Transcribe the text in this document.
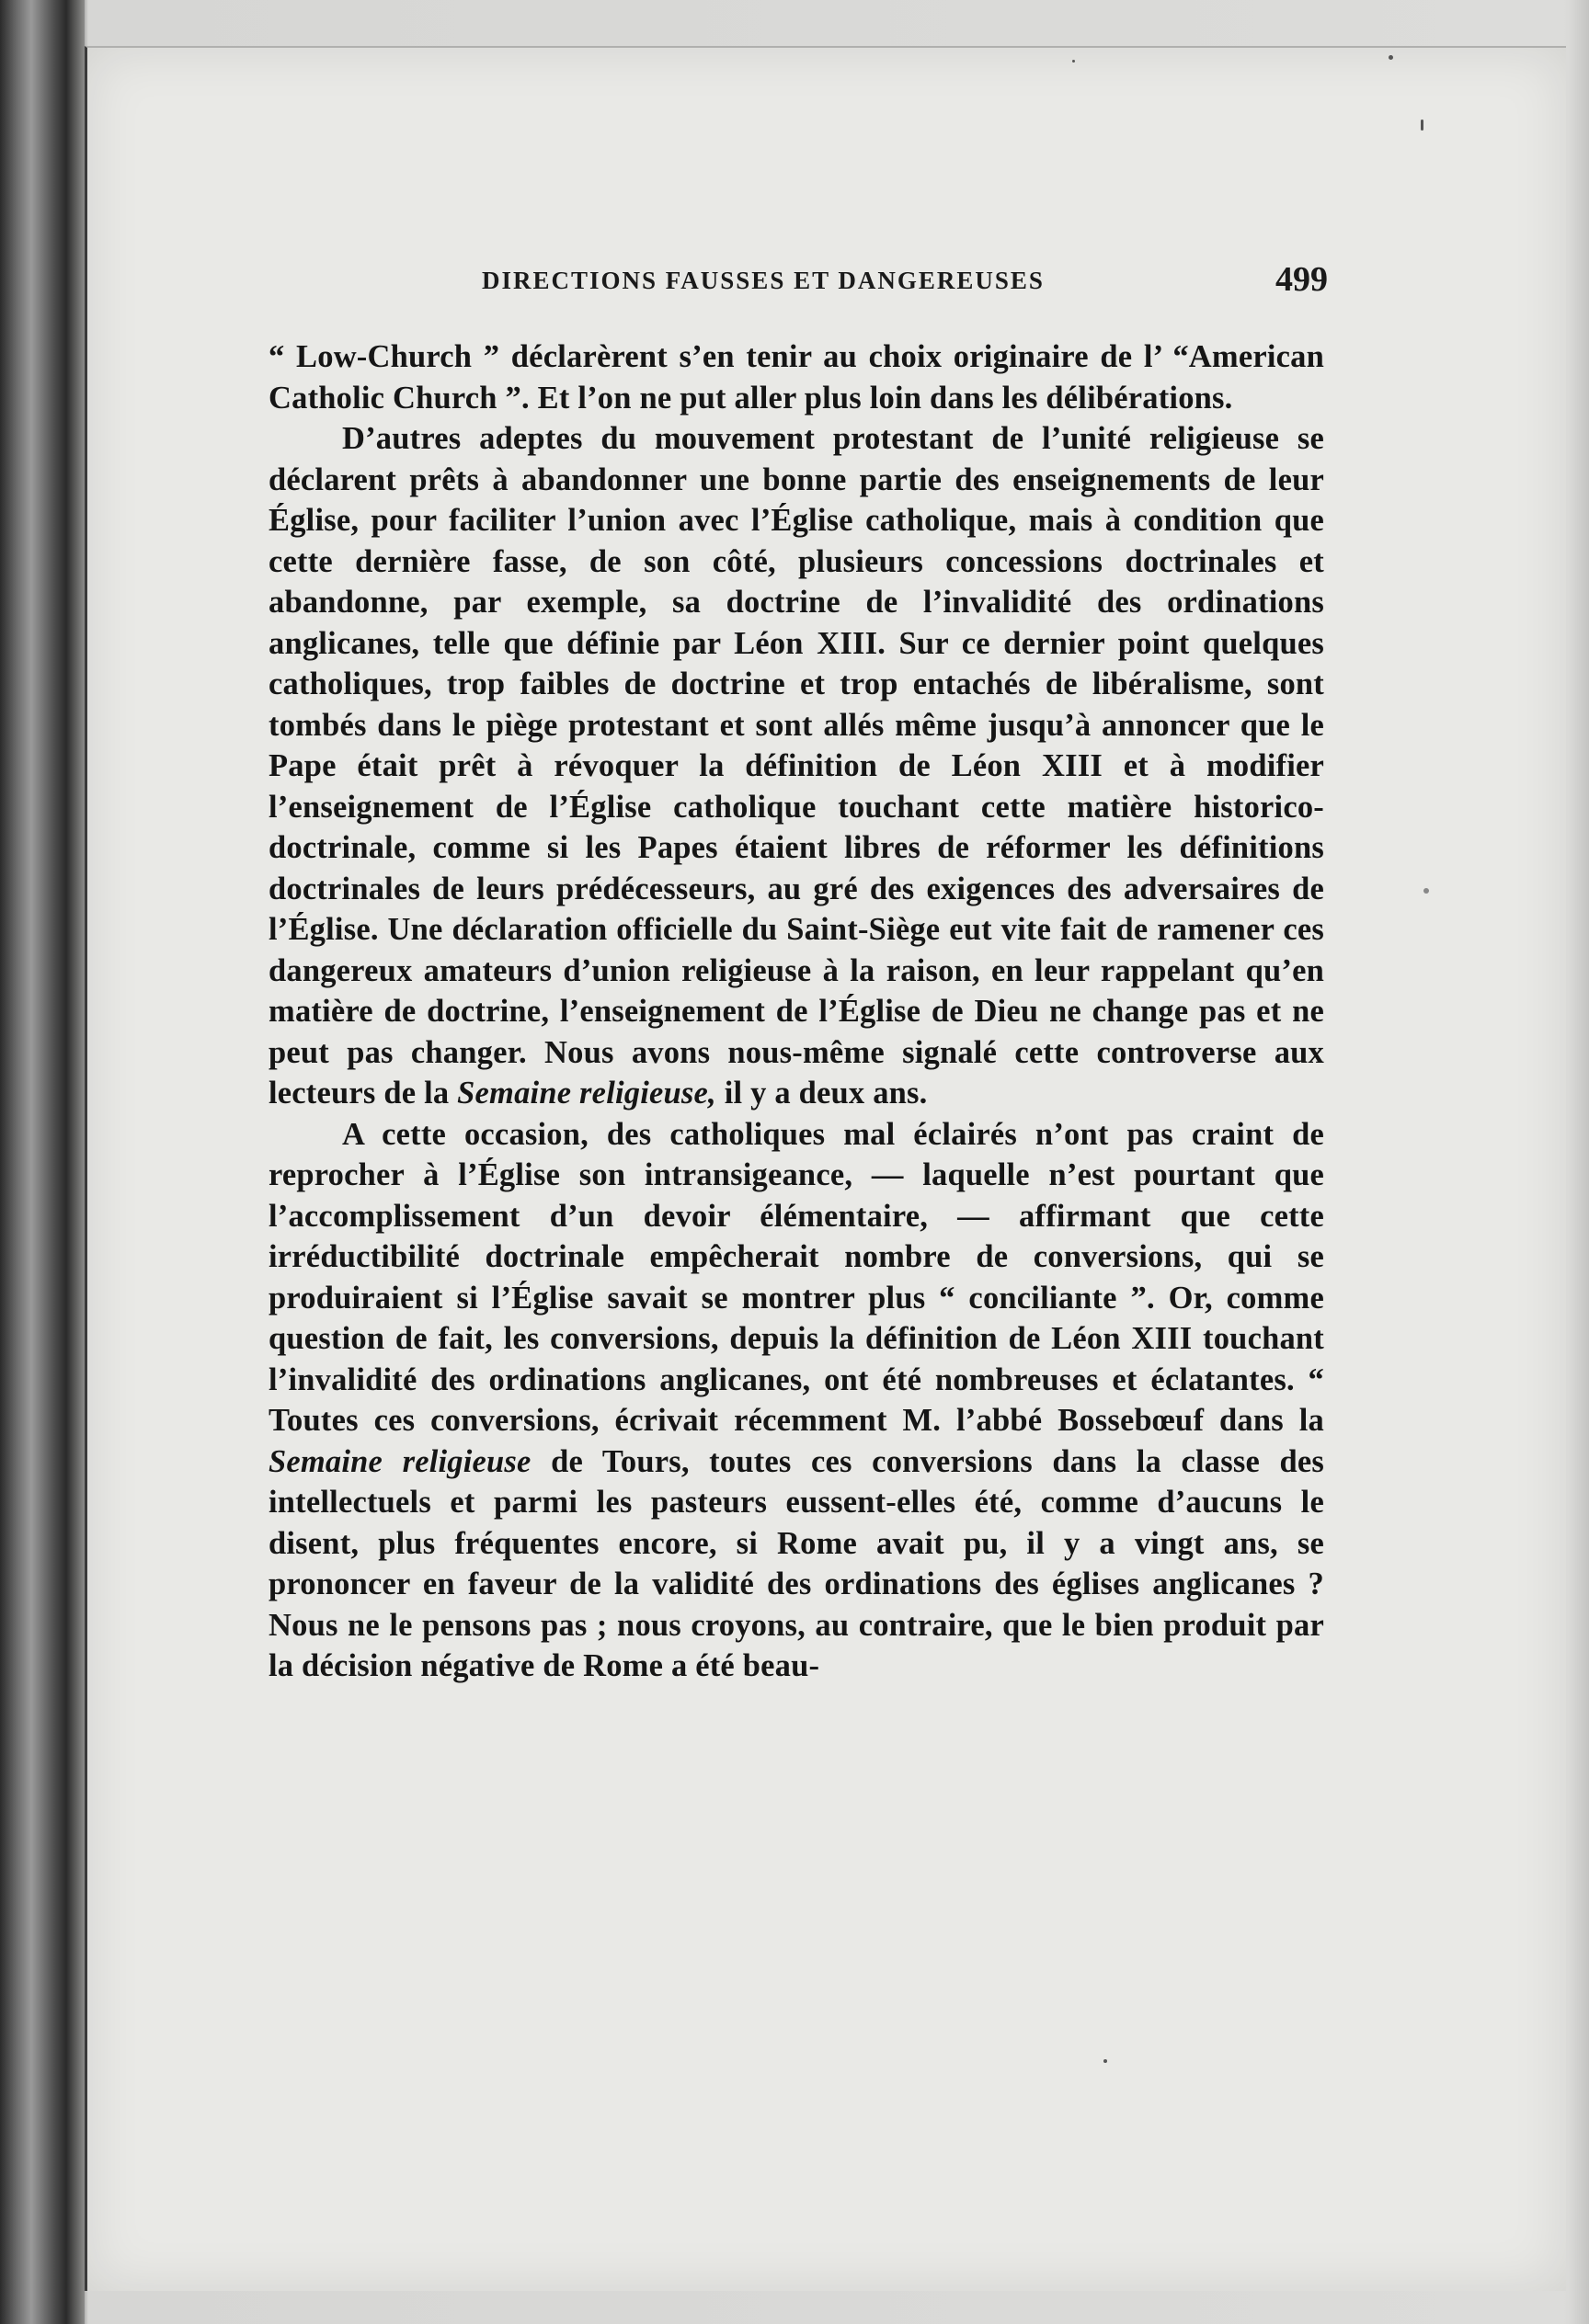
DIRECTIONS FAUSSES ET DANGEREUSES	499

“ Low-Church ” déclarèrent s’en tenir au choix originaire de l’ “American Catholic Church ”. Et l’on ne put aller plus loin dans les délibérations.

D’autres adeptes du mouvement protestant de l’unité religieuse se déclarent prêts à abandonner une bonne partie des enseignements de leur Église, pour faciliter l’union avec l’Église catholique, mais à condition que cette dernière fasse, de son côté, plusieurs concessions doctrinales et abandonne, par exemple, sa doctrine de l’invalidité des ordinations anglicanes, telle que définie par Léon XIII. Sur ce dernier point quelques catholiques, trop faibles de doctrine et trop entachés de libéralisme, sont tombés dans le piège protestant et sont allés même jusqu’à annoncer que le Pape était prêt à révoquer la définition de Léon XIII et à modifier l’enseignement de l’Église catholique touchant cette matière historico-doctrinale, comme si les Papes étaient libres de réformer les définitions doctrinales de leurs prédécesseurs, au gré des exigences des adversaires de l’Église. Une déclaration officielle du Saint-Siège eut vite fait de ramener ces dangereux amateurs d’union religieuse à la raison, en leur rappelant qu’en matière de doctrine, l’enseignement de l’Église de Dieu ne change pas et ne peut pas changer. Nous avons nous-même signalé cette controverse aux lecteurs de la Semaine religieuse, il y a deux ans.

A cette occasion, des catholiques mal éclairés n’ont pas craint de reprocher à l’Église son intransigeance, — laquelle n’est pourtant que l’accomplissement d’un devoir élémentaire, — affirmant que cette irréductibilité doctrinale empêcherait nombre de conversions, qui se produiraient si l’Église savait se montrer plus “ conciliante ”. Or, comme question de fait, les conversions, depuis la définition de Léon XIII touchant l’invalidité des ordinations anglicanes, ont été nombreuses et éclatantes. “ Toutes ces conversions, écrivait récemment M. l’abbé Bossebœuf dans la Semaine religieuse de Tours, toutes ces conversions dans la classe des intellectuels et parmi les pasteurs eussent-elles été, comme d’aucuns le disent, plus fréquentes encore, si Rome avait pu, il y a vingt ans, se prononcer en faveur de la validité des ordinations des églises anglicanes ? Nous ne le pensons pas ; nous croyons, au contraire, que le bien produit par la décision négative de Rome a été beau-
